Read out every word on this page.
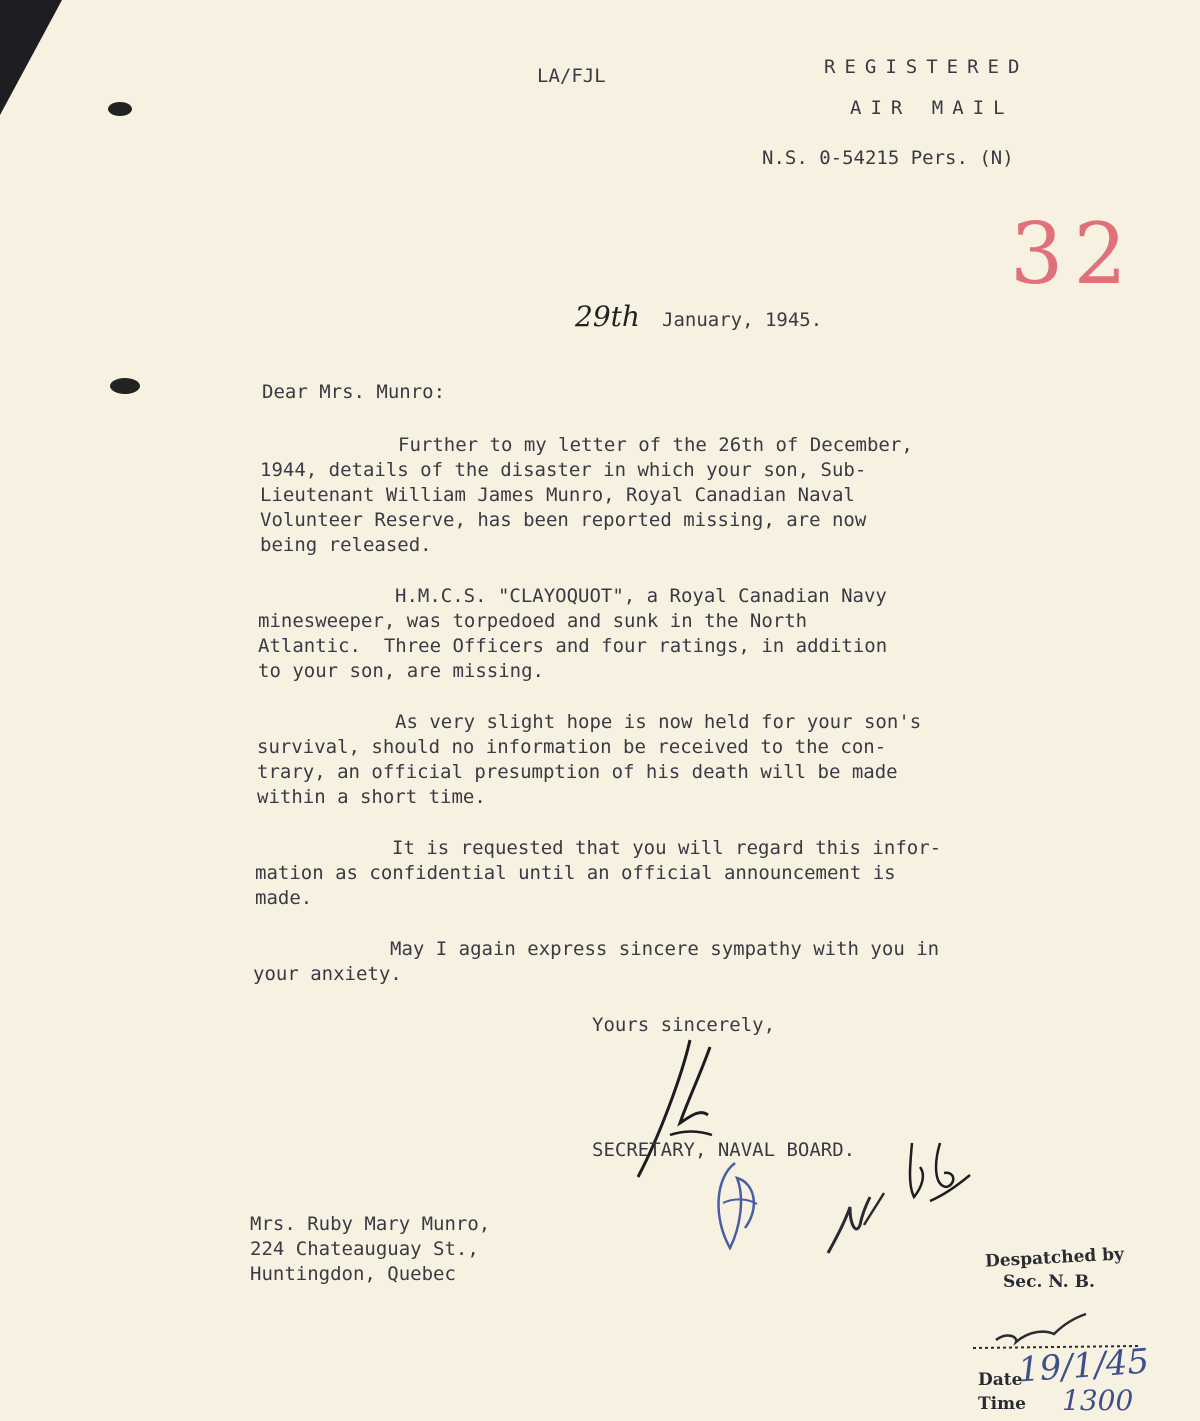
LA/FJL	REGISTERED

AIR MAIL

N.S. 0-54215 Pers. (N)

32
29th January, 1945.

Dear Mrs. Munro:

Further to my letter of the 26th of December,

1944, details of the disaster in which your son, Sub-

Lieutenant William James Munro, Royal Canadian Naval

Volunteer Reserve, has been reported missing, are now

being released.

H.M.C.S. "CLAYOQUOT", a Royal Canadian Navy

minesweeper, was torpedoed and sunk in the North

Atlantic.  Three Officers and four ratings, in addition

to your son, are missing.

As very slight hope is now held for your son's

survival, should no information be received to the con-

trary, an official presumption of his death will be made

within a short time.

It is requested that you will regard this infor-

mation as confidential until an official announcement is

made.

May I again express sincere sympathy with you in

your anxiety.

Yours sincerely,

SECRETARY, NAVAL BOARD.

Mrs. Ruby Mary Munro,

224 Chateauguay St.,

Huntingdon, Quebec

Despatched by
Sec. N. B.
Date
19/1/45
Time 1300
